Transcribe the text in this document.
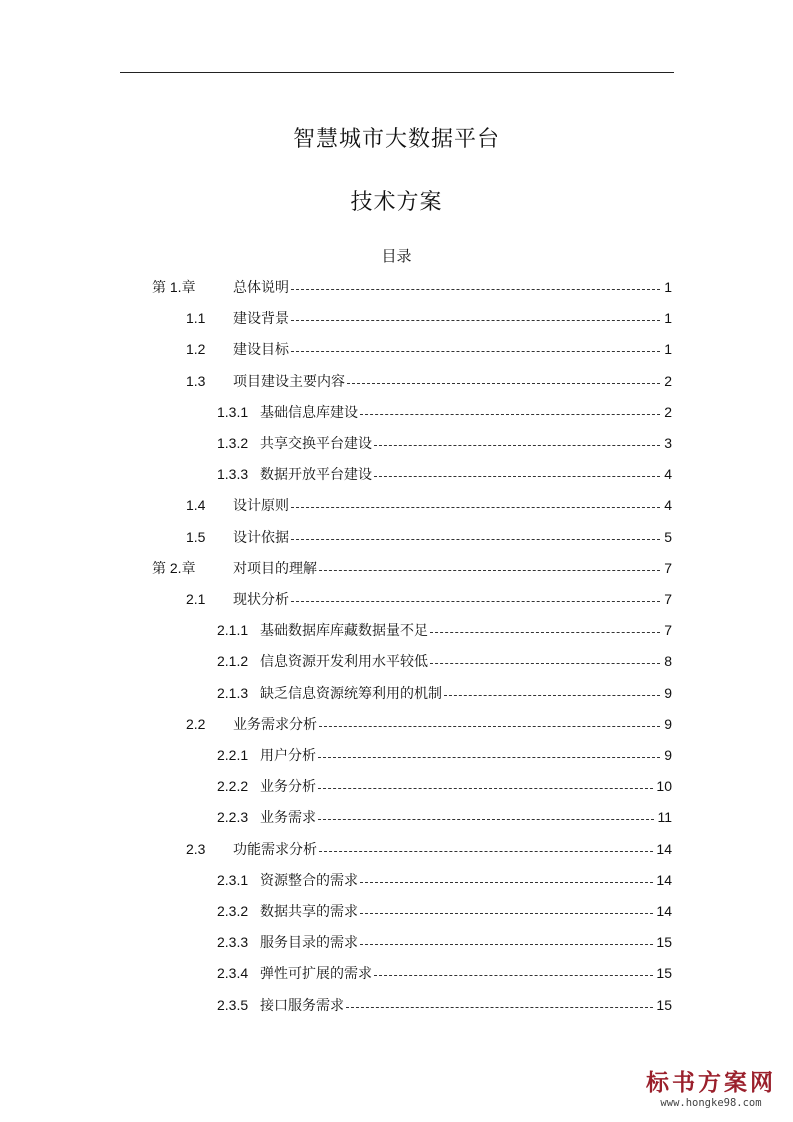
智慧城市大数据平台
技术方案
目录
第 1.章	总体说明	1
1.1	建设背景	1
1.2	建设目标	1
1.3	项目建设主要内容	2
1.3.1 基础信息库建设	2
1.3.2 共享交换平台建设	3
1.3.3 数据开放平台建设	4
1.4	设计原则	4
1.5	设计依据	5
第 2.章	对项目的理解	7
2.1	现状分析	7
2.1.1 基础数据库库藏数据量不足	7
2.1.2 信息资源开发利用水平较低	8
2.1.3 缺乏信息资源统筹利用的机制	9
2.2	业务需求分析	9
2.2.1 用户分析	9
2.2.2 业务分析	10
2.2.3 业务需求	11
2.3	功能需求分析	14
2.3.1 资源整合的需求	14
2.3.2 数据共享的需求	14
2.3.3 服务目录的需求	15
2.3.4 弹性可扩展的需求	15
2.3.5 接口服务需求	15
标书方案网
www.hongke98.com
